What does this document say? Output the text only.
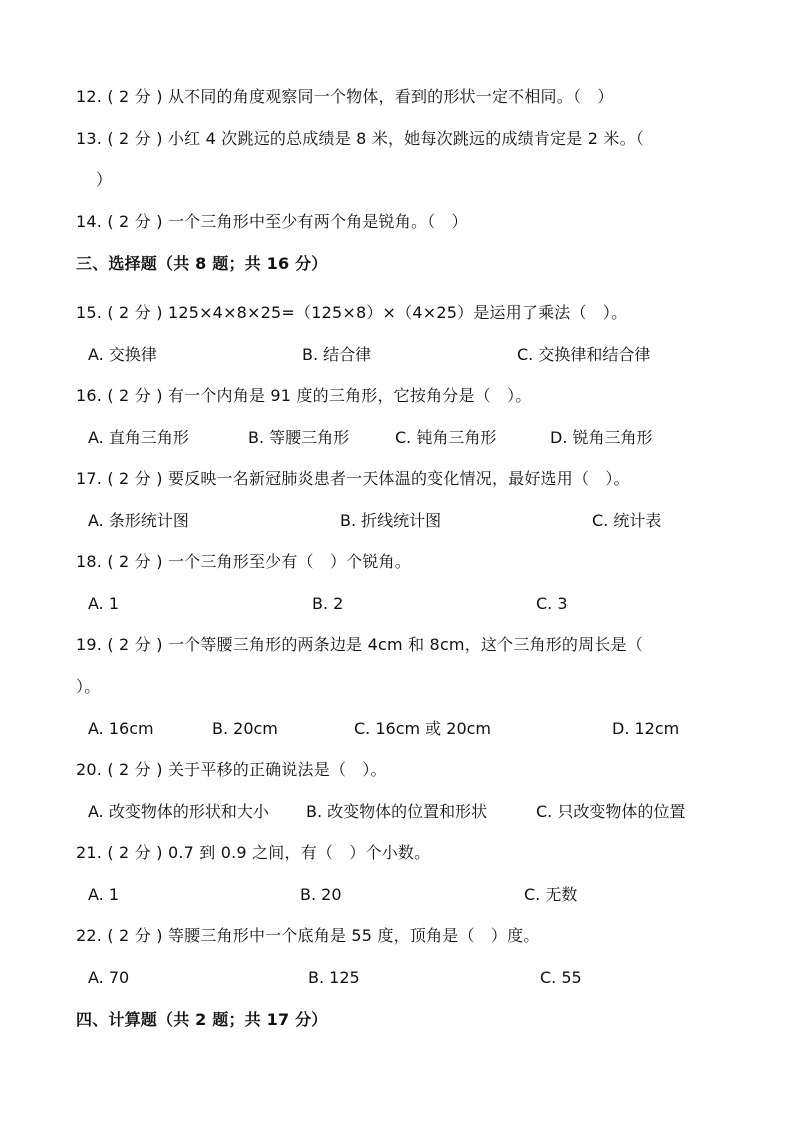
12. ( 2 分 ) 从不同的角度观察同一个物体，看到的形状一定不相同。（　）
13. ( 2 分 ) 小红 4 次跳远的总成绩是 8 米，她每次跳远的成绩肯定是 2 米。（
）
14. ( 2 分 ) 一个三角形中至少有两个角是锐角。（　）
三、选择题（共 8 题；共 16 分）
15. ( 2 分 ) 125×4×8×25=（125×8）×（4×25）是运用了乘法（　）。
A. 交换律	B. 结合律	C. 交换律和结合律
16. ( 2 分 ) 有一个内角是 91 度的三角形，它按角分是（　）。
A. 直角三角形	B. 等腰三角形	C. 钝角三角形	D. 锐角三角形
17. ( 2 分 ) 要反映一名新冠肺炎患者一天体温的变化情况，最好选用（　）。
A. 条形统计图	B. 折线统计图	C. 统计表
18. ( 2 分 ) 一个三角形至少有（　）个锐角。
A. 1	B. 2	C. 3
19. ( 2 分 ) 一个等腰三角形的两条边是 4cm 和 8cm，这个三角形的周长是（
）。
A. 16cm	B. 20cm	C. 16cm 或 20cm	D. 12cm
20. ( 2 分 ) 关于平移的正确说法是（　）。
A. 改变物体的形状和大小 B. 改变物体的位置和形状	C. 只改变物体的位置
21. ( 2 分 ) 0.7 到 0.9 之间，有（　）个小数。
A. 1	B. 20	C. 无数
22. ( 2 分 ) 等腰三角形中一个底角是 55 度，顶角是（　）度。
A. 70	B. 125	C. 55
四、计算题（共 2 题；共 17 分）
